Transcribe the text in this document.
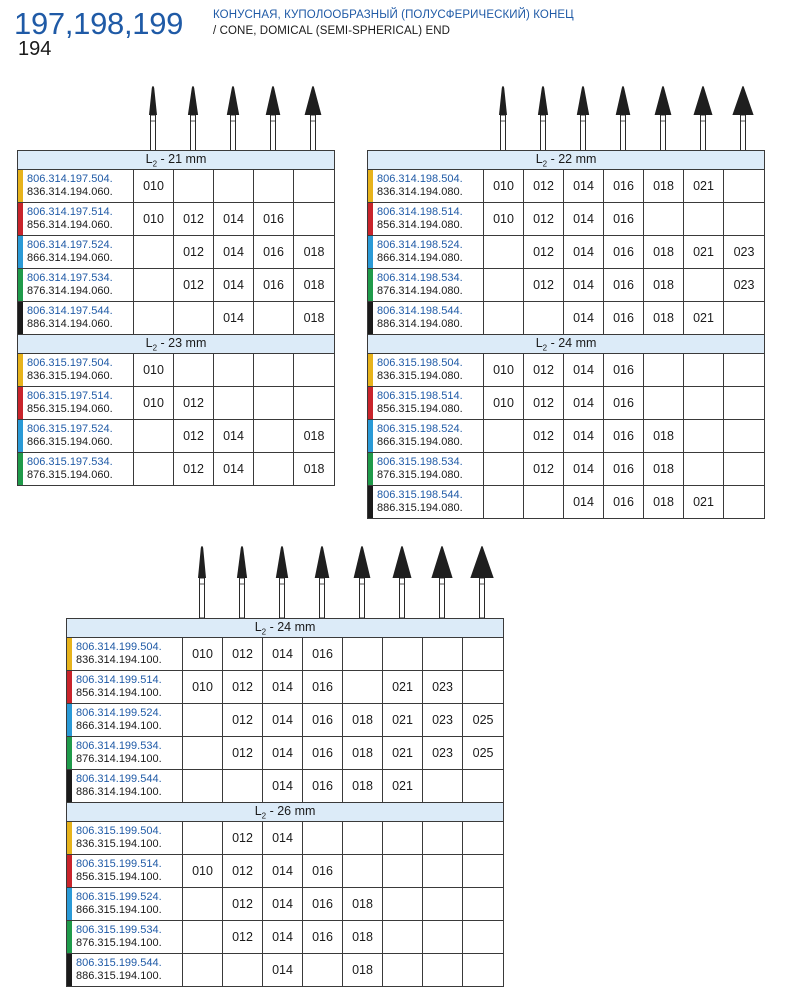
197,198,199
194
КОНУСНАЯ, КУПОЛООБРАЗНЫЙ (ПОЛУСФЕРИЧЕСКИЙ) КОНЕЦ
/ CONE, DOMICAL (SEMI-SPHERICAL) END
$L_2 - 21$ mm					

806.314.197.504.
836.314.194.060.	010				

806.314.197.514.
856.314.194.060.	010	012	014	016	

806.314.197.524.
866.314.194.060.		012	014	016	018

806.314.197.534.
876.314.194.060.		012	014	016	018

806.314.197.544.
886.314.194.060.			014		018
$L_2 - 23$ mm					

806.315.197.504.
836.315.194.060.	010				

806.315.197.514.
856.315.194.060.	010	012			

806.315.197.524.
866.315.194.060.		012	014		018

806.315.197.534.
876.315.194.060.		012	014		018
$L_2 - 22$ mm							

806.314.198.504.
836.314.194.080.	010	012	014	016	018	021	

806.314.198.514.
856.314.194.080.	010	012	014	016			

806.314.198.524.
866.314.194.080.		012	014	016	018	021	023

806.314.198.534.
876.314.194.080.		012	014	016	018		023

806.314.198.544.
886.314.194.080.			014	016	018	021	
$L_2 - 24$ mm							

806.315.198.504.
836.315.194.080.	010	012	014	016			

806.315.198.514.
856.315.194.080.	010	012	014	016			

806.315.198.524.
866.315.194.080.		012	014	016	018		

806.315.198.534.
876.315.194.080.		012	014	016	018		

806.315.198.544.
886.315.194.080.			014	016	018	021	
$L_2 - 24$ mm								

806.314.199.504.
836.314.194.100.	010	012	014	016				

806.314.199.514.
856.314.194.100.	010	012	014	016		021	023	

806.314.199.524.
866.314.194.100.		012	014	016	018	021	023	025

806.314.199.534.
876.314.194.100.		012	014	016	018	021	023	025

806.314.199.544.
886.314.194.100.			014	016	018	021		
$L_2 - 26$ mm								

806.315.199.504.
836.315.194.100.		012	014					

806.315.199.514.
856.315.194.100.	010	012	014	016				

806.315.199.524.
866.315.194.100.		012	014	016	018			

806.315.199.534.
876.315.194.100.		012	014	016	018			

806.315.199.544.
886.315.194.100.			014		018			
